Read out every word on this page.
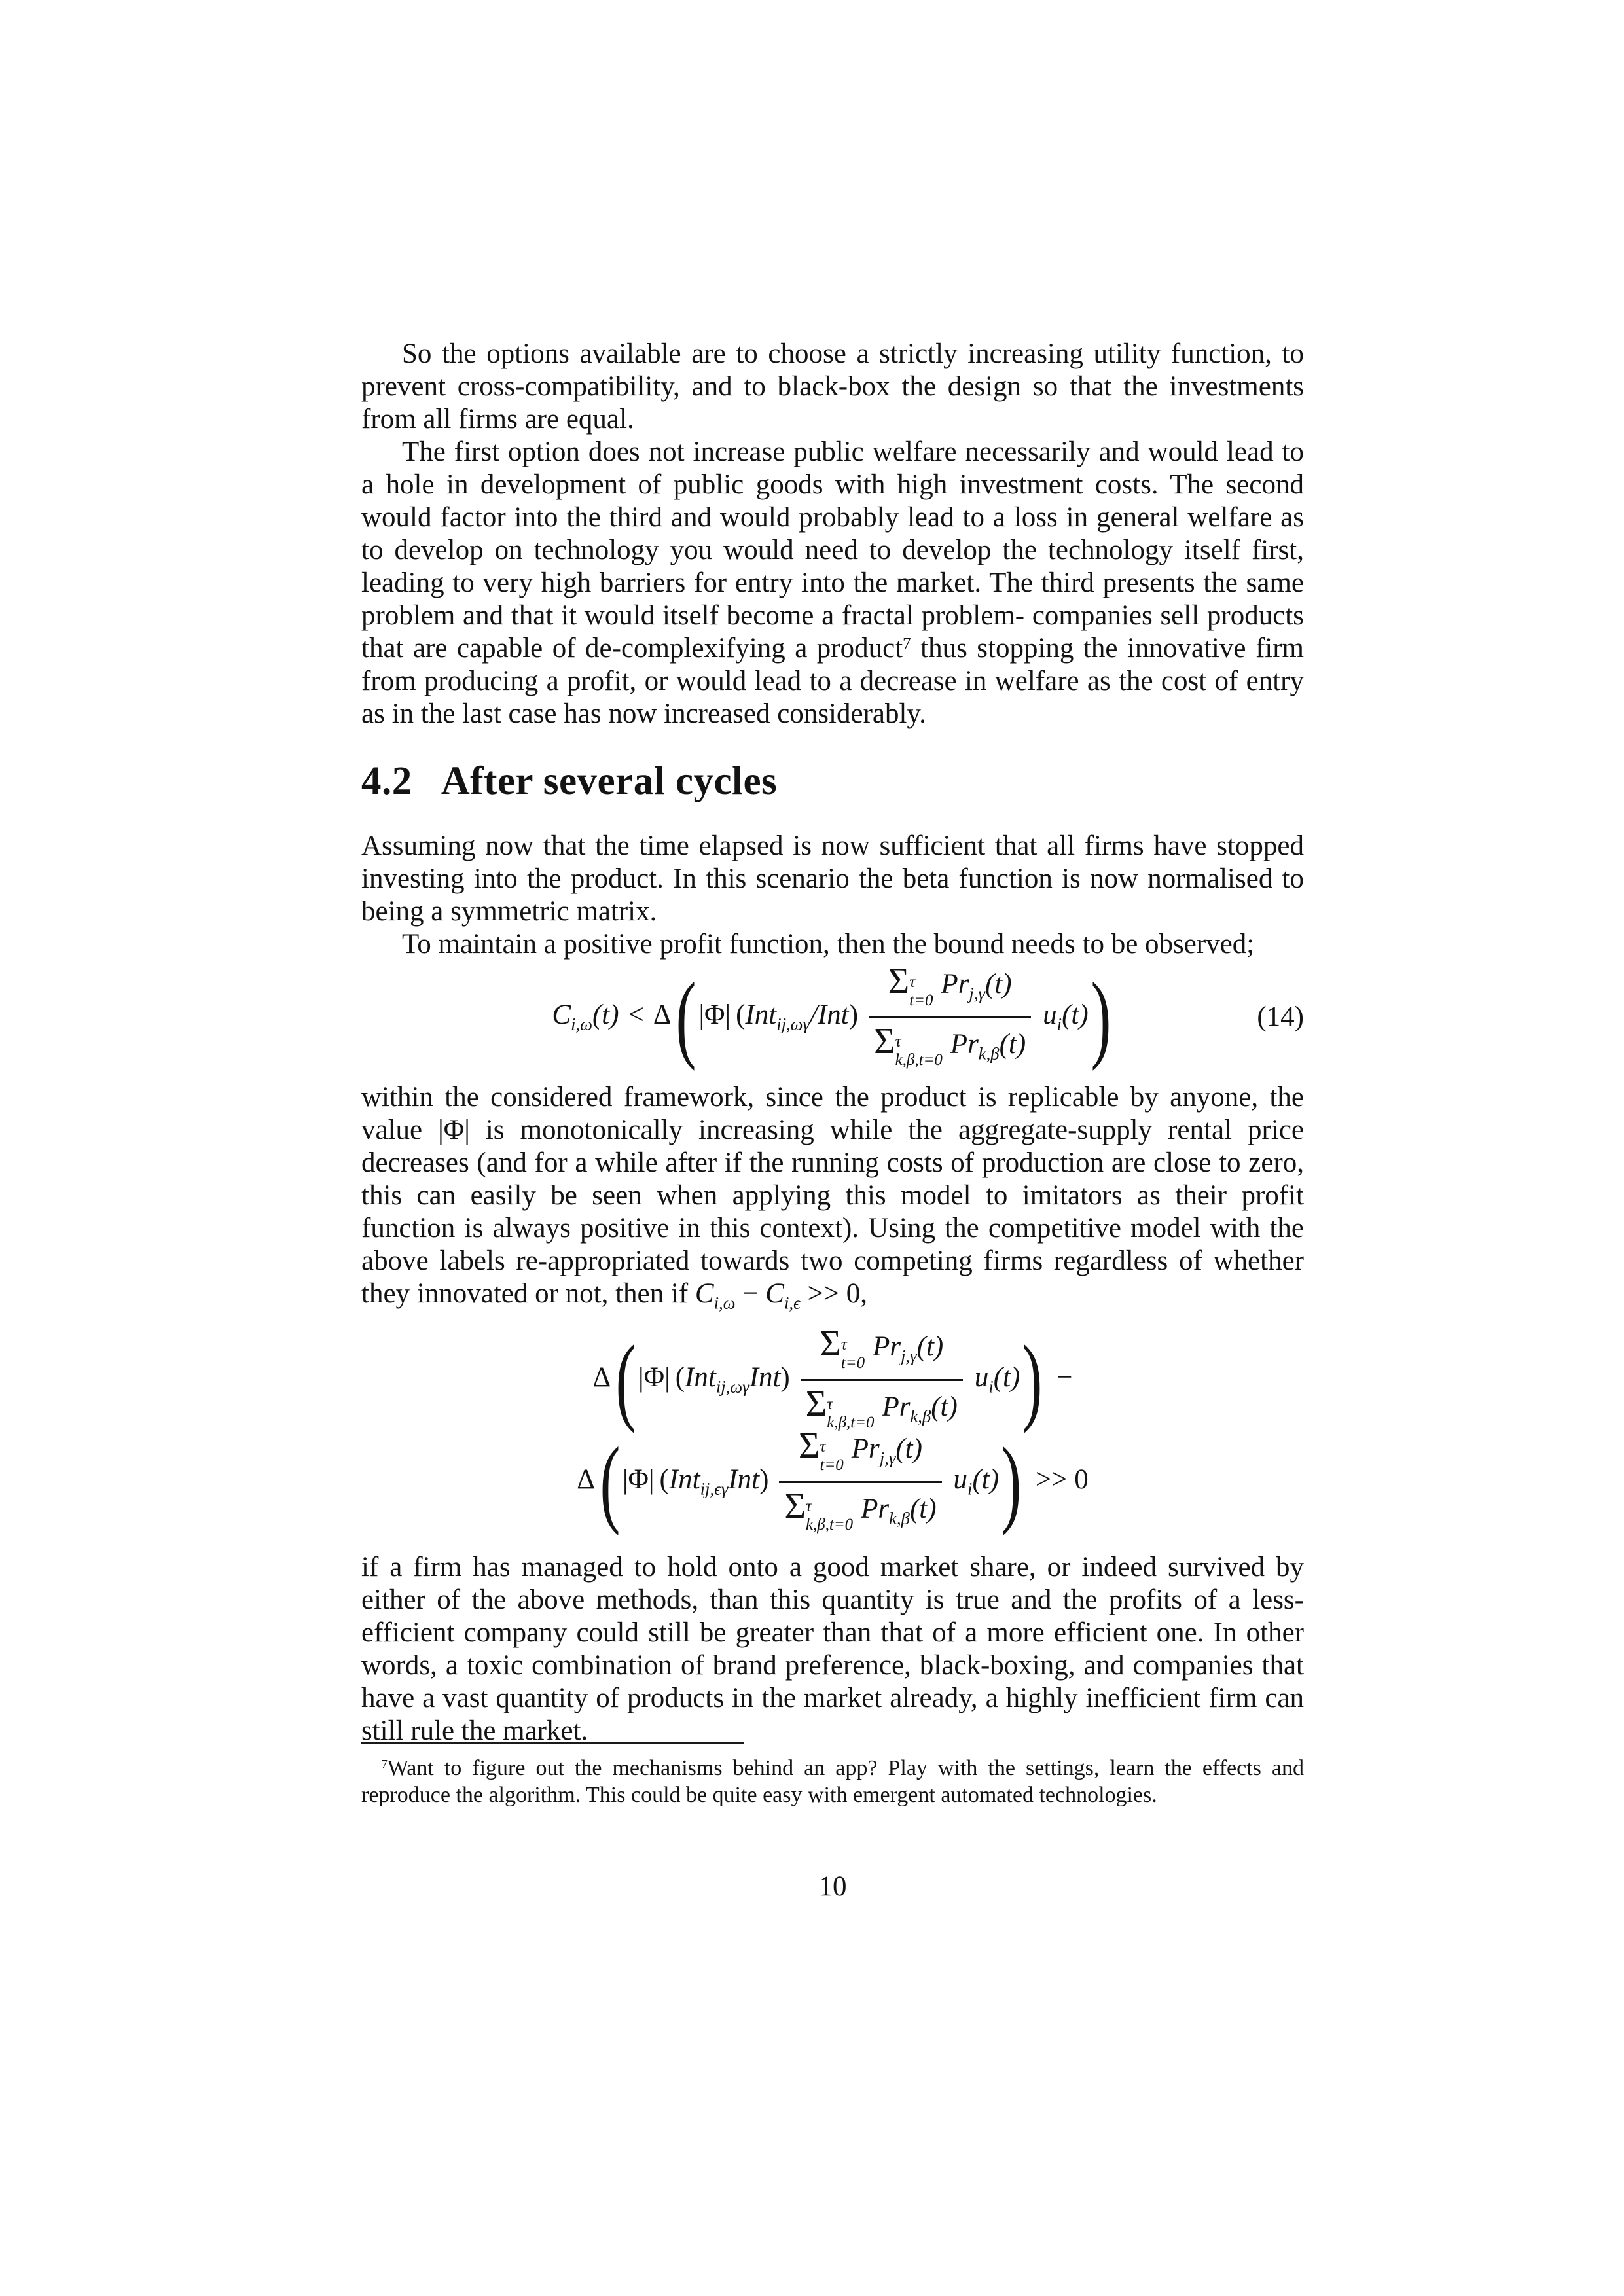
So the options available are to choose a strictly increasing utility function, to prevent cross-compatibility, and to black-box the design so that the investments from all firms are equal.

The first option does not increase public welfare necessarily and would lead to a hole in development of public goods with high investment costs. The second would factor into the third and would probably lead to a loss in general welfare as to develop on technology you would need to develop the technology itself first, leading to very high barriers for entry into the market. The third presents the same problem and that it would itself become a fractal problem- companies sell products that are capable of de-complexifying a product$^7$ thus stopping the innovative firm from producing a profit, or would lead to a decrease in welfare as the cost of entry as in the last case has now increased considerably.

4.2 After several cycles

Assuming now that the time elapsed is now sufficient that all firms have stopped investing into the product. In this scenario the beta function is now normalised to being a symmetric matrix.

To maintain a positive profit function, then the bound needs to be observed;

$C_{i,\omega}(t) < \Delta(|\Phi|$ (Int$_{ij,\omega\gamma}$/Int) Σ τ
t=0
$Pr_{j,\gamma}(t)$
Σ τ
k,β,t=0
$Pr_{k,\beta}(t)$ $u_i(t)$)	(14)

within the considered framework, since the product is replicable by anyone, the value |Φ| is monotonically increasing while the aggregate-supply rental price decreases (and for a while after if the running costs of production are close to zero, this can easily be seen when applying this model to imitators as their profit function is always positive in this context). Using the competitive model with the above labels re-appropriated towards two competing firms regardless of whether they innovated or not, then if $C_{i,\omega} - C_{i,\epsilon} >> 0$,

Δ(|Φ| (Int$_{ij,\omega\gamma}$Int) Σ τ
t=0
$Pr_{j,\gamma}(t)$
Σ τ
k,β,t=0
$Pr_{k,\beta}(t) u_i(t)$) −
Δ(|Φ| (Int$_{ij,\epsilon\gamma}$Int) Σ τ
t=0
$Pr_{j,\gamma}(t)$
Σ τ
k,β,t=0
$Pr_{k,\beta}(t) u_i(t)) >> 0$

if a firm has managed to hold onto a good market share, or indeed survived by either of the above methods, than this quantity is true and the profits of a less-efficient company could still be greater than that of a more efficient one. In other words, a toxic combination of brand preference, black-boxing, and companies that have a vast quantity of products in the market already, a highly inefficient firm can still rule the market.

$^7$Want to figure out the mechanisms behind an app? Play with the settings, learn the effects and reproduce the algorithm. This could be quite easy with emergent automated technologies.

10
